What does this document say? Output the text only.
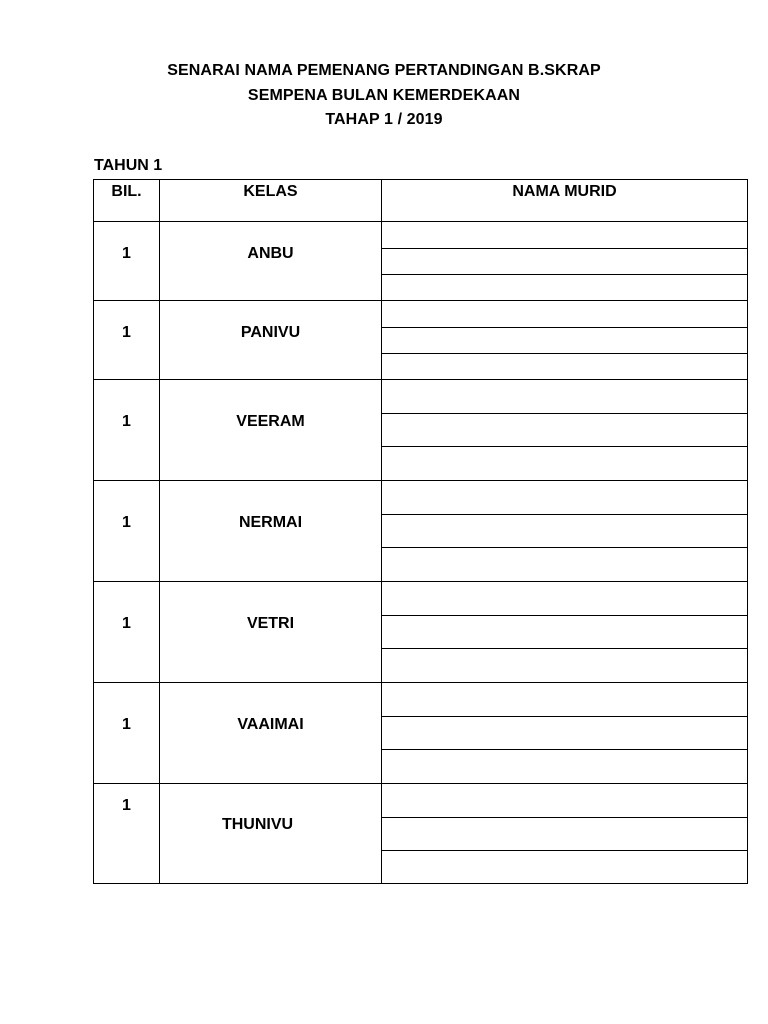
SENARAI NAMA PEMENANG PERTANDINGAN B.SKRAP
SEMPENA BULAN KEMERDEKAAN
TAHAP 1 / 2019
TAHUN 1
BIL.	KELAS	NAMA MURID

1	ANBU	

1	PANIVU	

1	VEERAM	

1	NERMAI	

1	VETRI	

1	VAAIMAI	

1	THUNIVU	
